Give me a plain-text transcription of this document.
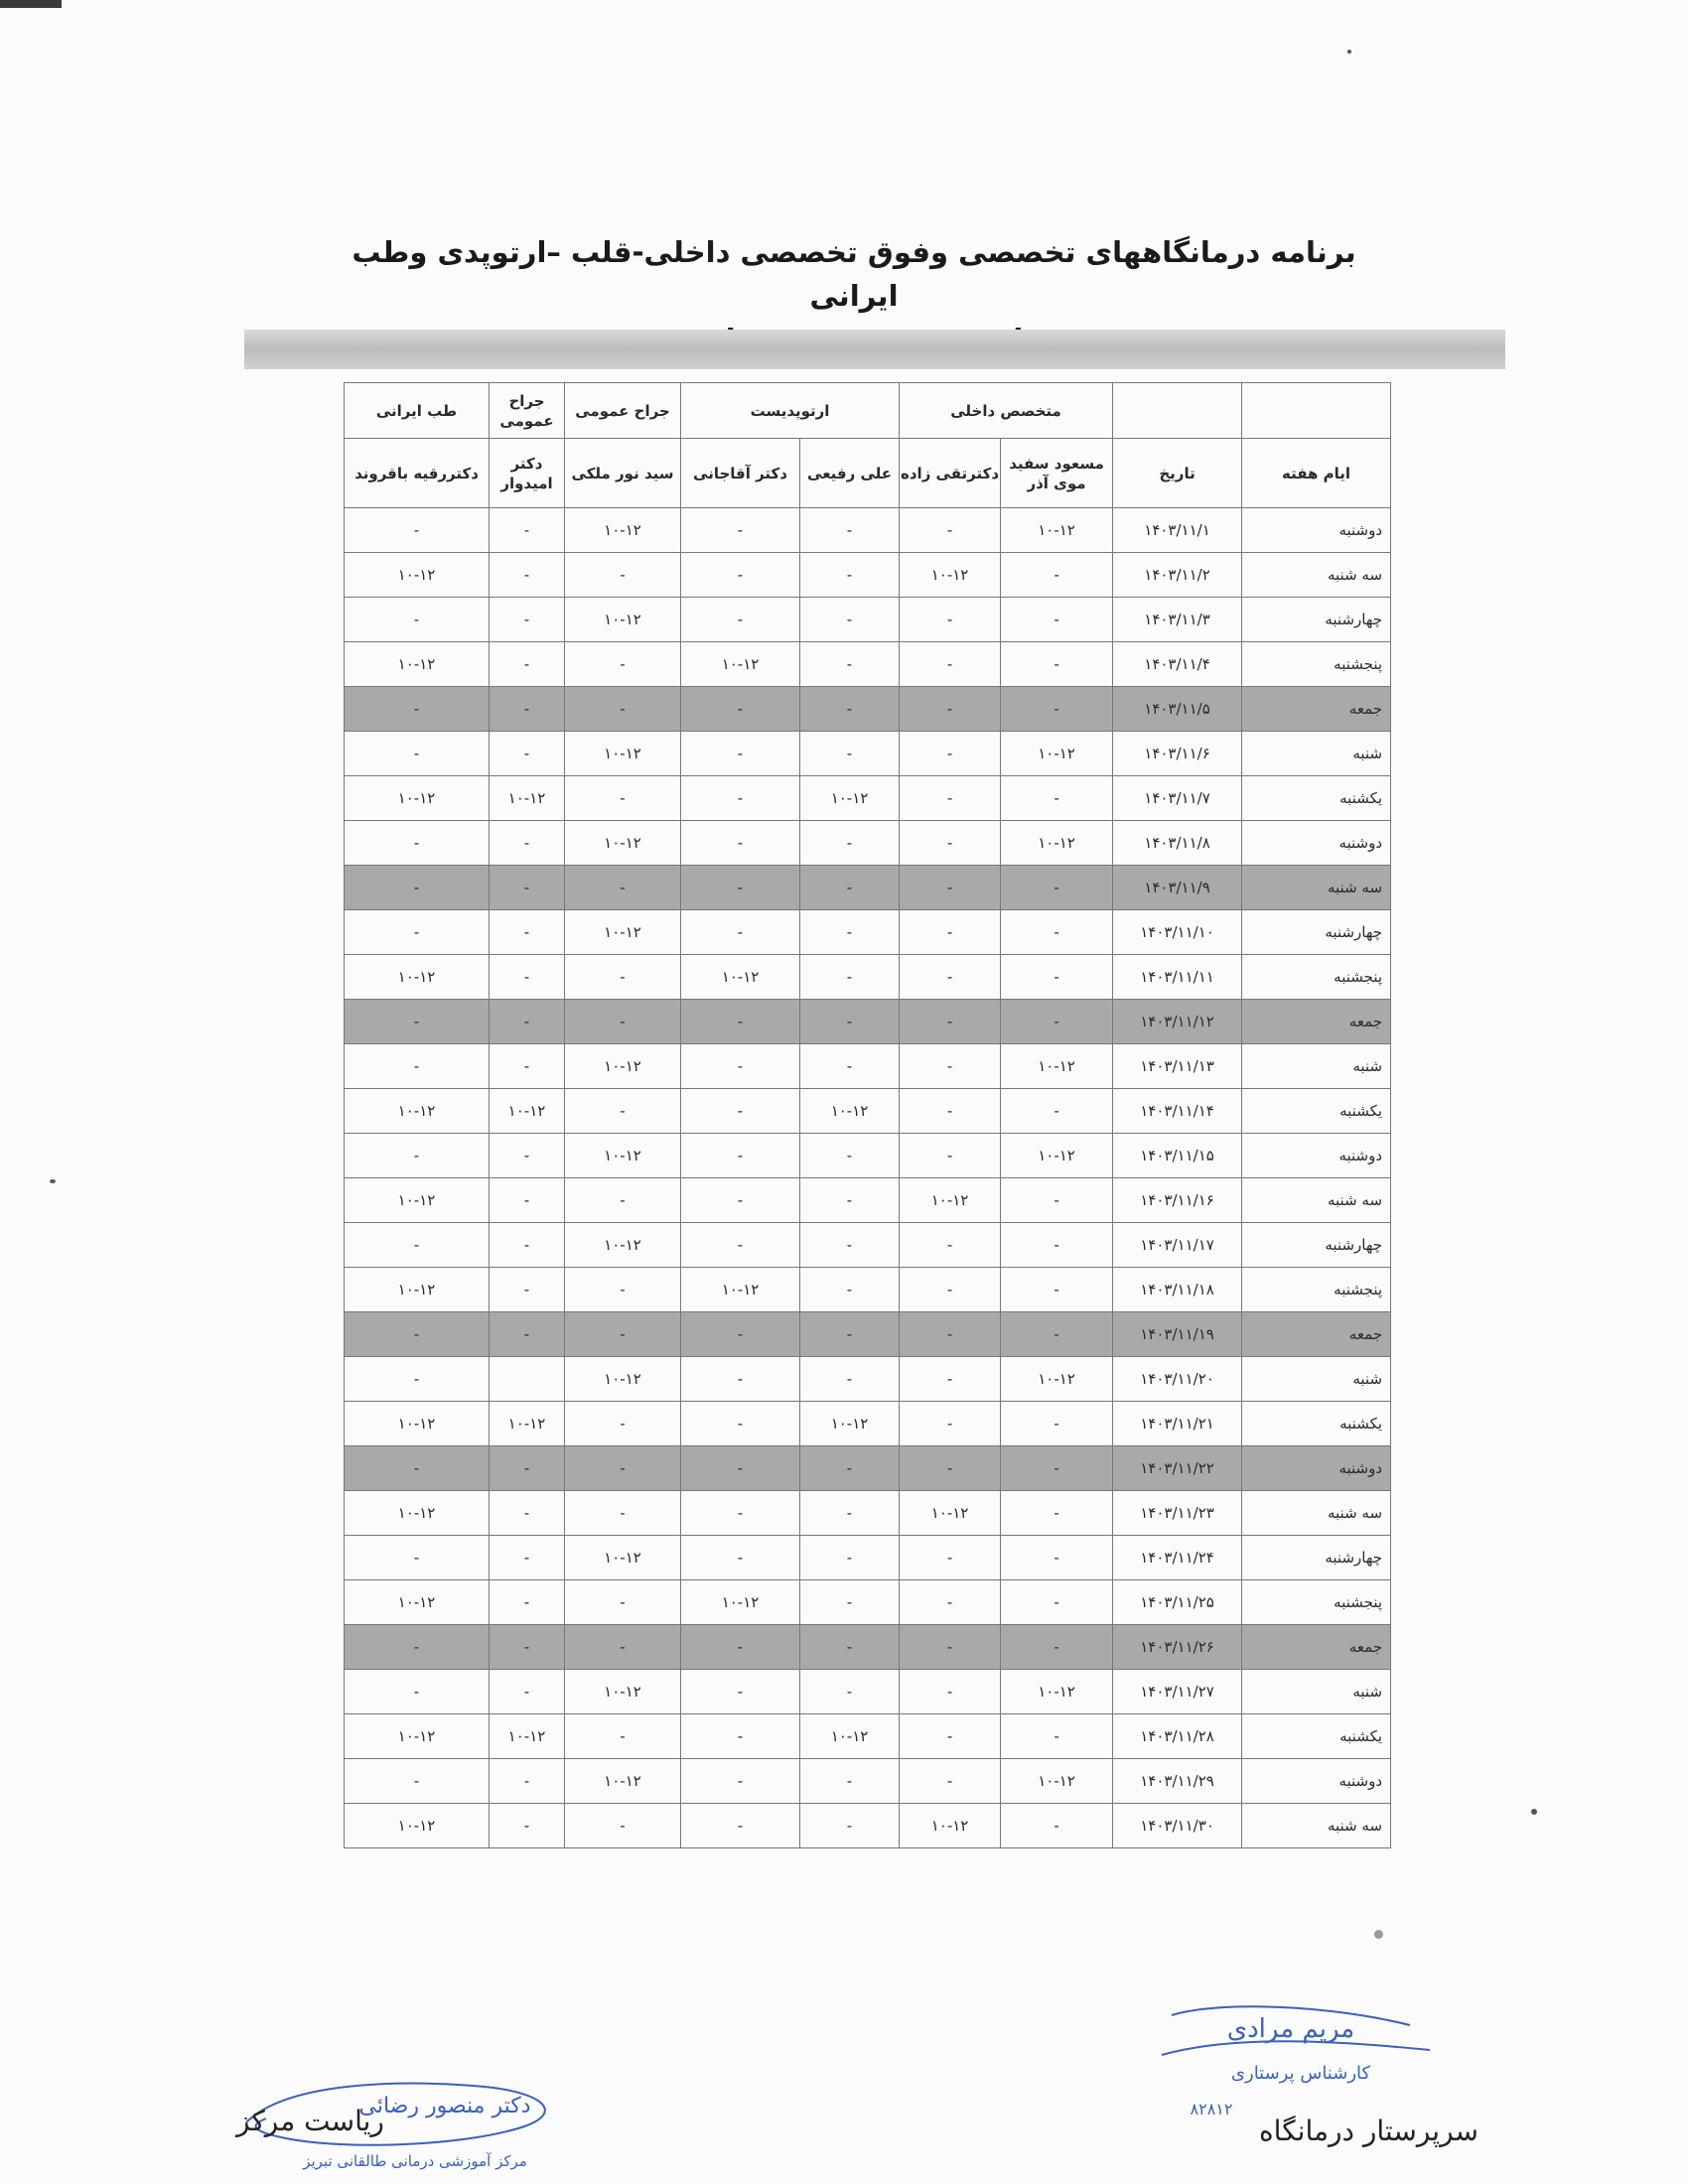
برنامه درمانگاههای تخصصی وفوق تخصصی داخلی-قلب –ارتوپدی وطب ایرانی
		متخصص داخلی		ارتوپدیست		جراح عمومی	جراح عمومی	طب ایرانی
ایام هفته	تاریخ	مسعود سفید موی آذر	دکترتقی زاده	علی رفیعی	دکتر آقاجانی	سید نور ملکی	دکتر امیدوار	دکتررقیه باقروند
دوشنبه	۱۴۰۳/۱۱/۱	۱۰-۱۲	-	-	-	۱۰-۱۲	-	-
سه شنبه	۱۴۰۳/۱۱/۲	-	۱۰-۱۲	-	-	-	-	۱۰-۱۲
چهارشنبه	۱۴۰۳/۱۱/۳	-	-	-	-	۱۰-۱۲	-	-
پنجشنبه	۱۴۰۳/۱۱/۴	-	-	-	۱۰-۱۲	-	-	۱۰-۱۲
جمعه	۱۴۰۳/۱۱/۵	-	-	-	-	-	-	-
شنبه	۱۴۰۳/۱۱/۶	۱۰-۱۲	-	-	-	۱۰-۱۲	-	-
یکشنبه	۱۴۰۳/۱۱/۷	-	-	۱۰-۱۲	-	-	۱۰-۱۲	۱۰-۱۲
دوشنبه	۱۴۰۳/۱۱/۸	۱۰-۱۲	-	-	-	۱۰-۱۲	-	-
سه شنبه	۱۴۰۳/۱۱/۹	-	-	-	-	-	-	-
چهارشنبه	۱۴۰۳/۱۱/۱۰	-	-	-	-	۱۰-۱۲	-	-
پنجشنبه	۱۴۰۳/۱۱/۱۱	-	-	-	۱۰-۱۲	-	-	۱۰-۱۲
جمعه	۱۴۰۳/۱۱/۱۲	-	-	-	-	-	-	-
شنبه	۱۴۰۳/۱۱/۱۳	۱۰-۱۲	-	-	-	۱۰-۱۲	-	-
یکشنبه	۱۴۰۳/۱۱/۱۴	-	-	۱۰-۱۲	-	-	۱۰-۱۲	۱۰-۱۲
دوشنبه	۱۴۰۳/۱۱/۱۵	۱۰-۱۲	-	-	-	۱۰-۱۲	-	-
سه شنبه	۱۴۰۳/۱۱/۱۶	-	۱۰-۱۲	-	-	-	-	۱۰-۱۲
چهارشنبه	۱۴۰۳/۱۱/۱۷	-	-	-	-	۱۰-۱۲	-	-
پنجشنبه	۱۴۰۳/۱۱/۱۸	-	-	-	۱۰-۱۲	-	-	۱۰-۱۲
جمعه	۱۴۰۳/۱۱/۱۹	-	-	-	-	-	-	-
شنبه	۱۴۰۳/۱۱/۲۰	۱۰-۱۲	-	-	-	۱۰-۱۲		-
یکشنبه	۱۴۰۳/۱۱/۲۱	-	-	۱۰-۱۲	-	-	۱۰-۱۲	۱۰-۱۲
دوشنبه	۱۴۰۳/۱۱/۲۲	-	-	-	-	-	-	-
سه شنبه	۱۴۰۳/۱۱/۲۳	-	۱۰-۱۲	-	-	-	-	۱۰-۱۲
چهارشنبه	۱۴۰۳/۱۱/۲۴	-	-	-	-	۱۰-۱۲	-	-
پنجشنبه	۱۴۰۳/۱۱/۲۵	-	-	-	۱۰-۱۲	-	-	۱۰-۱۲
جمعه	۱۴۰۳/۱۱/۲۶	-	-	-	-	-	-	-
شنبه	۱۴۰۳/۱۱/۲۷	۱۰-۱۲	-	-	-	۱۰-۱۲	-	-
یکشنبه	۱۴۰۳/۱۱/۲۸	-	-	۱۰-۱۲	-	-	۱۰-۱۲	۱۰-۱۲
دوشنبه	۱۴۰۳/۱۱/۲۹	۱۰-۱۲	-	-	-	۱۰-۱۲	-	-
سه شنبه	۱۴۰۳/۱۱/۳۰	-	۱۰-۱۲	-	-	-	-	۱۰-۱۲
دکتر منصور رضائی
مرکز آموزشی درمانی طالقانی تبریز
ریاست مرکز
مریم مرادی
کارشناس پرستاری
۸۲۸۱۲
سرپرستار درمانگاه
